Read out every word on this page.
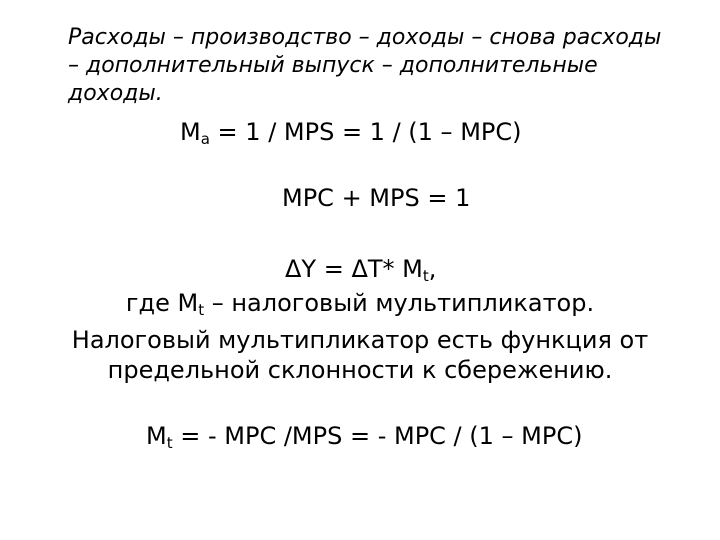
Расходы – производство – доходы – снова расходы – дополнительный выпуск – дополнительные доходы.

$M_a = 1$ / MPS = 1 / (1 – MPC)

MPC + MPS = 1

ΔY = ΔT* $M_t$,

где $M_t$ – налоговый мультипликатор.

Налоговый мультипликатор есть функция от предельной склонности к сбережению.

$M_t$ = - MPC /MPS = - MPC / (1 – MPC)
